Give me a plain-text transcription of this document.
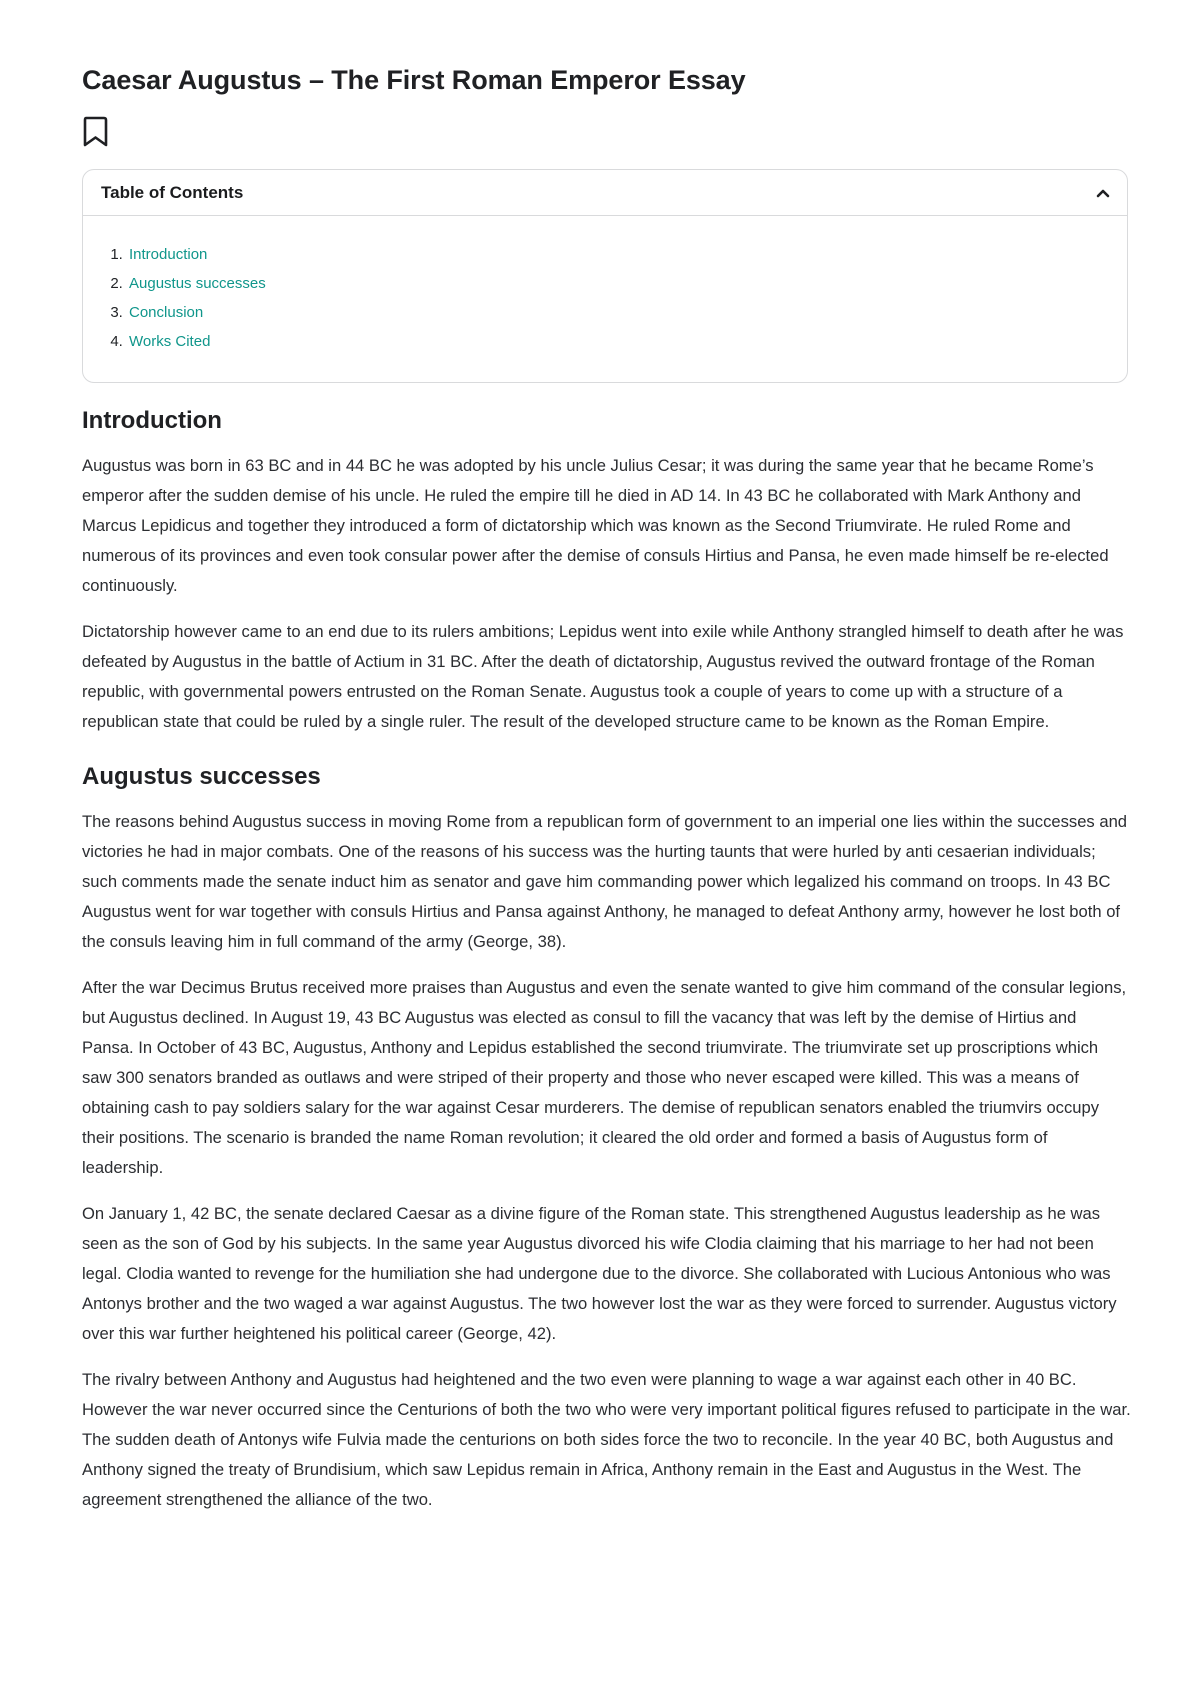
Caesar Augustus – The First Roman Emperor Essay
Table of Contents
1. Introduction
2. Augustus successes
3. Conclusion
4. Works Cited
Introduction

Augustus was born in 63 BC and in 44 BC he was adopted by his uncle Julius Cesar; it was during the same year that he became Rome’s emperor after the sudden demise of his uncle. He ruled the empire till he died in AD 14. In 43 BC he collaborated with Mark Anthony and Marcus Lepidicus and together they introduced a form of dictatorship which was known as the Second Triumvirate. He ruled Rome and numerous of its provinces and even took consular power after the demise of consuls Hirtius and Pansa, he even made himself be re-elected continuously.

Dictatorship however came to an end due to its rulers ambitions; Lepidus went into exile while Anthony strangled himself to death after he was defeated by Augustus in the battle of Actium in 31 BC. After the death of dictatorship, Augustus revived the outward frontage of the Roman republic, with governmental powers entrusted on the Roman Senate. Augustus took a couple of years to come up with a structure of a republican state that could be ruled by a single ruler. The result of the developed structure came to be known as the Roman Empire.

Augustus successes

The reasons behind Augustus success in moving Rome from a republican form of government to an imperial one lies within the successes and victories he had in major combats. One of the reasons of his success was the hurting taunts that were hurled by anti cesaerian individuals; such comments made the senate induct him as senator and gave him commanding power which legalized his command on troops. In 43 BC Augustus went for war together with consuls Hirtius and Pansa against Anthony, he managed to defeat Anthony army, however he lost both of the consuls leaving him in full command of the army (George, 38).

After the war Decimus Brutus received more praises than Augustus and even the senate wanted to give him command of the consular legions, but Augustus declined. In August 19, 43 BC Augustus was elected as consul to fill the vacancy that was left by the demise of Hirtius and Pansa. In October of 43 BC, Augustus, Anthony and Lepidus established the second triumvirate. The triumvirate set up proscriptions which saw 300 senators branded as outlaws and were striped of their property and those who never escaped were killed. This was a means of obtaining cash to pay soldiers salary for the war against Cesar murderers. The demise of republican senators enabled the triumvirs occupy their positions. The scenario is branded the name Roman revolution; it cleared the old order and formed a basis of Augustus form of leadership.

On January 1, 42 BC, the senate declared Caesar as a divine figure of the Roman state. This strengthened Augustus leadership as he was seen as the son of God by his subjects. In the same year Augustus divorced his wife Clodia claiming that his marriage to her had not been legal. Clodia wanted to revenge for the humiliation she had undergone due to the divorce. She collaborated with Lucious Antonious who was Antonys brother and the two waged a war against Augustus. The two however lost the war as they were forced to surrender. Augustus victory over this war further heightened his political career (George, 42).

The rivalry between Anthony and Augustus had heightened and the two even were planning to wage a war against each other in 40 BC. However the war never occurred since the Centurions of both the two who were very important political figures refused to participate in the war. The sudden death of Antonys wife Fulvia made the centurions on both sides force the two to reconcile. In the year 40 BC, both Augustus and Anthony signed the treaty of Brundisium, which saw Lepidus remain in Africa, Anthony remain in the East and Augustus in the West. The agreement strengthened the alliance of the two.
